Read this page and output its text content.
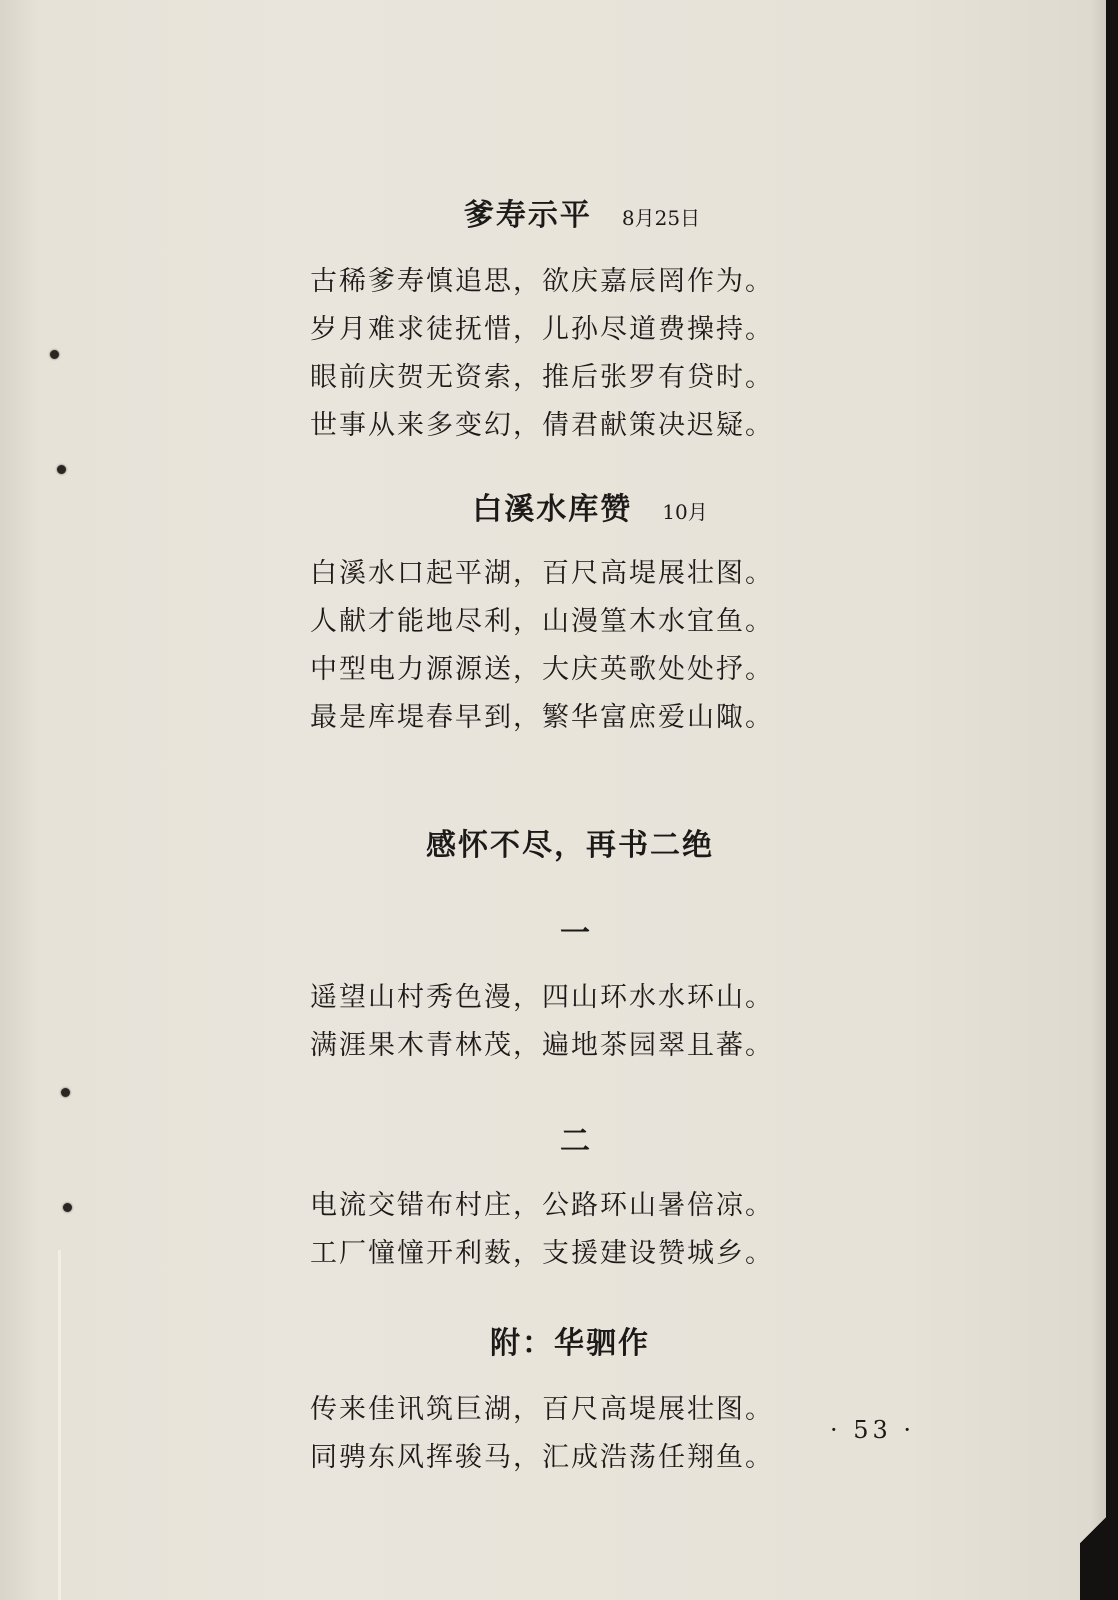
爹寿示平 8月25日

古稀爹寿慎追思，欲庆嘉辰罔作为。

岁月难求徒抚惜，儿孙尽道费操持。

眼前庆贺无资索，推后张罗有贷时。

世事从来多变幻，倩君献策决迟疑。

白溪水库赞 10月

白溪水口起平湖，百尺高堤展壮图。

人献才能地尽利，山漫篁木水宜鱼。

中型电力源源送，大庆英歌处处抒。

最是库堤春早到，繁华富庶爱山陬。

感怀不尽，再书二绝

一

遥望山村秀色漫，四山环水水环山。

满涯果木青林茂，遍地茶园翠且蕃。

二

电流交错布村庄，公路环山暑倍凉。

工厂憧憧开利薮，支援建设赞城乡。

附：华驷作

传来佳讯筑巨湖，百尺高堤展壮图。

同骋东风挥骏马，汇成浩荡任翔鱼。

· 53 ·
